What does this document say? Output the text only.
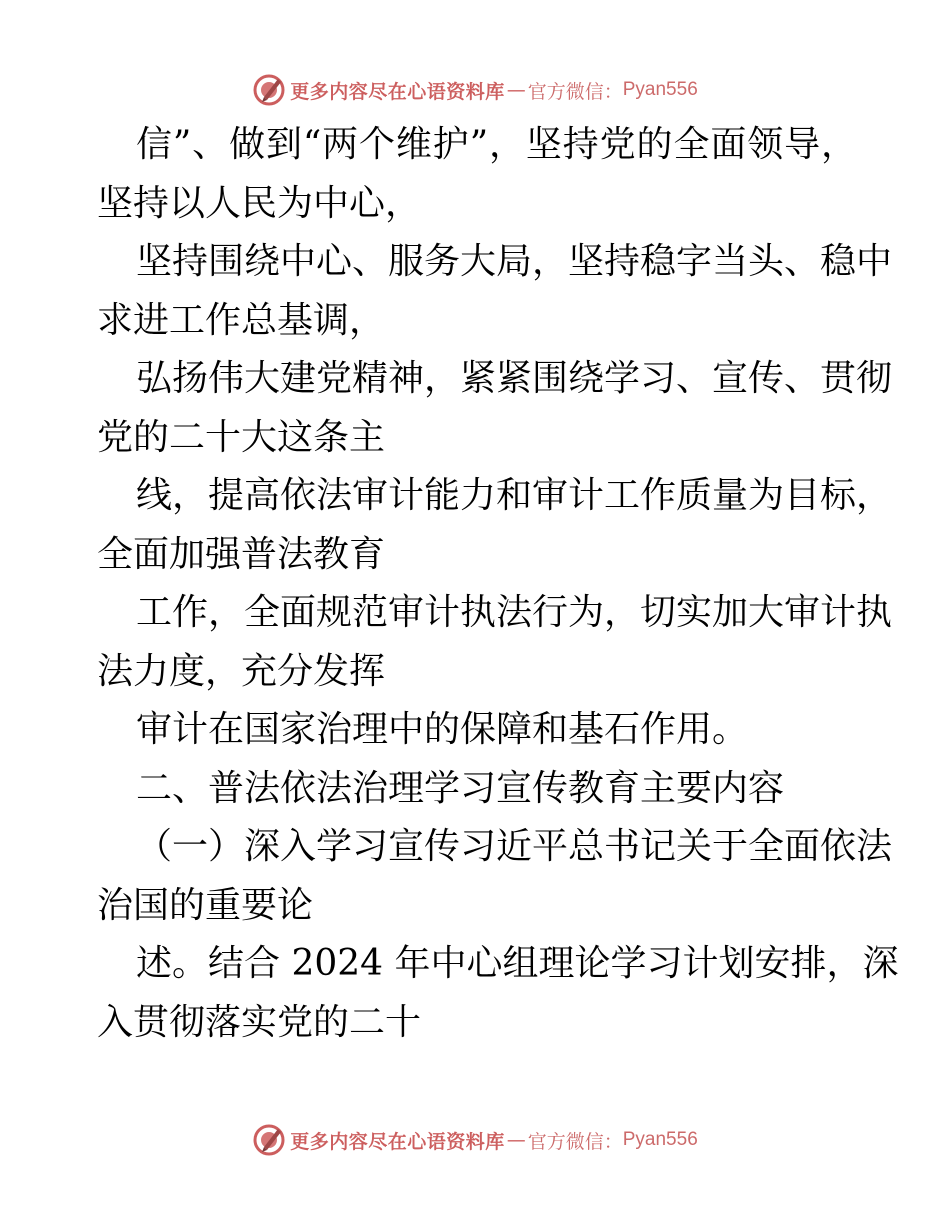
更多内容尽在心语资料库 — 官方微信： Pyan556
信”、做到“两个维护”，坚持党的全面领导，
坚持以人民为中心，
坚持围绕中心、服务大局，坚持稳字当头、稳中
求进工作总基调，
弘扬伟大建党精神，紧紧围绕学习、宣传、贯彻
党的二十大这条主
线，提高依法审计能力和审计工作质量为目标，
全面加强普法教育
工作，全面规范审计执法行为，切实加大审计执
法力度，充分发挥
审计在国家治理中的保障和基石作用。
二、普法依法治理学习宣传教育主要内容
（一）深入学习宣传习近平总书记关于全面依法
治国的重要论
述。结合 2024 年中心组理论学习计划安排，深
入贯彻落实党的二十
更多内容尽在心语资料库 — 官方微信： Pyan556
